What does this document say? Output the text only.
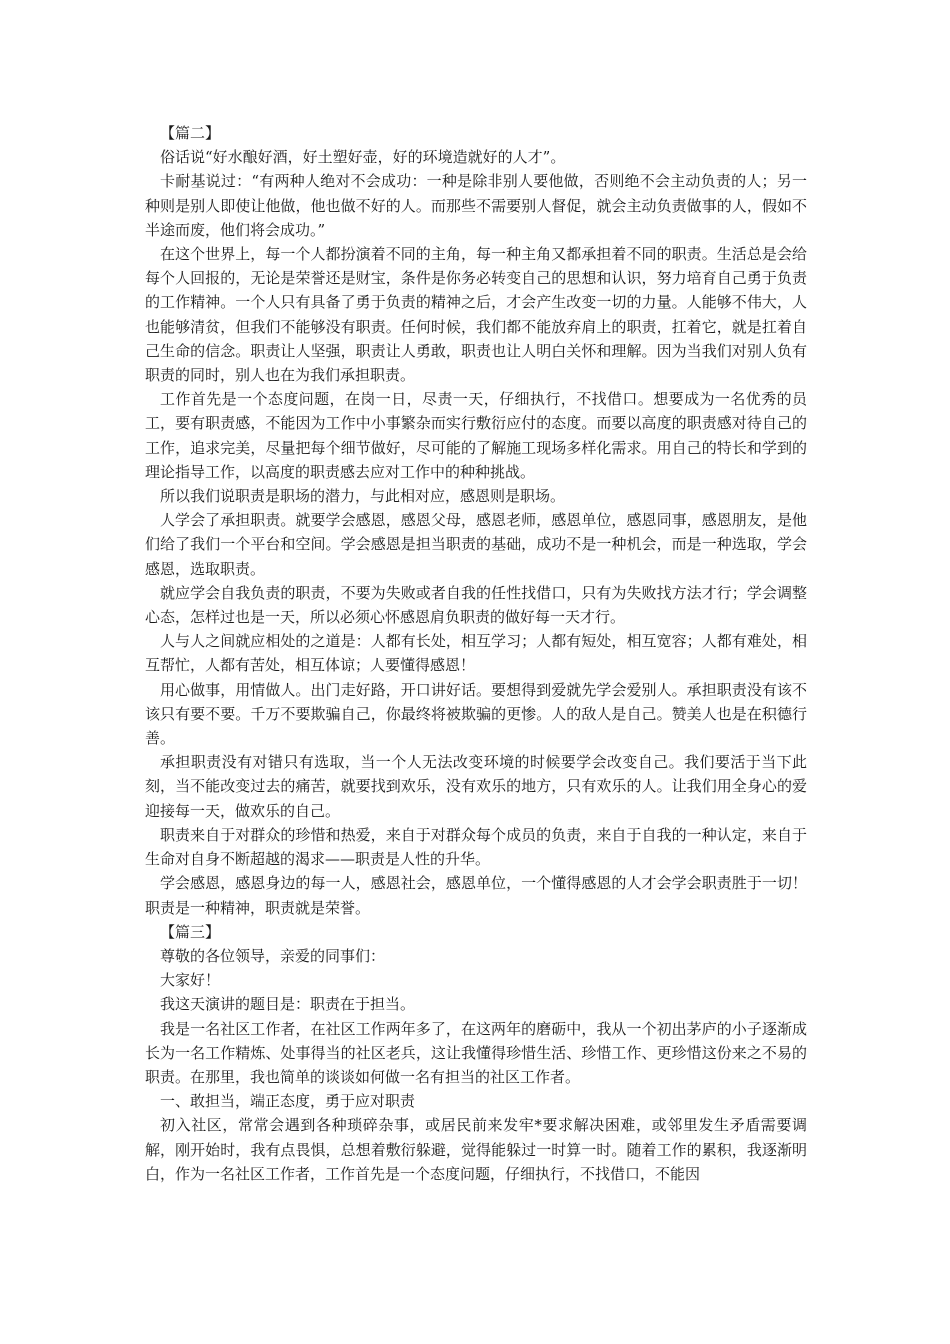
【篇二】

俗话说“好水酿好酒，好土塑好壶，好的环境造就好的人才”。

卡耐基说过：“有两种人绝对不会成功：一种是除非别人要他做，否则绝不会主动负责的人；另一种则是别人即使让他做，他也做不好的人。而那些不需要别人督促，就会主动负责做事的人，假如不半途而废，他们将会成功。”

在这个世界上，每一个人都扮演着不同的主角，每一种主角又都承担着不同的职责。生活总是会给每个人回报的，无论是荣誉还是财宝，条件是你务必转变自己的思想和认识，努力培育自己勇于负责的工作精神。一个人只有具备了勇于负责的精神之后，才会产生改变一切的力量。人能够不伟大，人也能够清贫，但我们不能够没有职责。任何时候，我们都不能放弃肩上的职责，扛着它，就是扛着自己生命的信念。职责让人坚强，职责让人勇敢，职责也让人明白关怀和理解。因为当我们对别人负有职责的同时，别人也在为我们承担职责。

工作首先是一个态度问题，在岗一日，尽责一天，仔细执行，不找借口。想要成为一名优秀的员工，要有职责感，不能因为工作中小事繁杂而实行敷衍应付的态度。而要以高度的职责感对待自己的工作，追求完美，尽量把每个细节做好，尽可能的了解施工现场多样化需求。用自己的特长和学到的理论指导工作，以高度的职责感去应对工作中的种种挑战。

所以我们说职责是职场的潜力，与此相对应，感恩则是职场。

人学会了承担职责。就要学会感恩，感恩父母，感恩老师，感恩单位，感恩同事，感恩朋友，是他们给了我们一个平台和空间。学会感恩是担当职责的基础，成功不是一种机会，而是一种选取，学会感恩，选取职责。

就应学会自我负责的职责，不要为失败或者自我的任性找借口，只有为失败找方法才行；学会调整心态，怎样过也是一天，所以必须心怀感恩肩负职责的做好每一天才行。

人与人之间就应相处的之道是：人都有长处，相互学习；人都有短处，相互宽容；人都有难处，相互帮忙，人都有苦处，相互体谅；人要懂得感恩！

用心做事，用情做人。出门走好路，开口讲好话。要想得到爱就先学会爱别人。承担职责没有该不该只有要不要。千万不要欺骗自己，你最终将被欺骗的更惨。人的敌人是自己。赞美人也是在积德行善。

承担职责没有对错只有选取，当一个人无法改变环境的时候要学会改变自己。我们要活于当下此刻，当不能改变过去的痛苦，就要找到欢乐，没有欢乐的地方，只有欢乐的人。让我们用全身心的爱迎接每一天，做欢乐的自己。

职责来自于对群众的珍惜和热爱，来自于对群众每个成员的负责，来自于自我的一种认定，来自于生命对自身不断超越的渴求——职责是人性的升华。

学会感恩，感恩身边的每一人，感恩社会，感恩单位，一个懂得感恩的人才会学会职责胜于一切！职责是一种精神，职责就是荣誉。

【篇三】

尊敬的各位领导，亲爱的同事们：

大家好！

我这天演讲的题目是：职责在于担当。

我是一名社区工作者，在社区工作两年多了，在这两年的磨砺中，我从一个初出茅庐的小子逐渐成长为一名工作精炼、处事得当的社区老兵，这让我懂得珍惜生活、珍惜工作、更珍惜这份来之不易的职责。在那里，我也简单的谈谈如何做一名有担当的社区工作者。

一、敢担当，端正态度，勇于应对职责

初入社区，常常会遇到各种琐碎杂事，或居民前来发牢*要求解决困难，或邻里发生矛盾需要调解，刚开始时，我有点畏惧，总想着敷衍躲避，觉得能躲过一时算一时。随着工作的累积，我逐渐明白，作为一名社区工作者，工作首先是一个态度问题，仔细执行，不找借口，不能因
